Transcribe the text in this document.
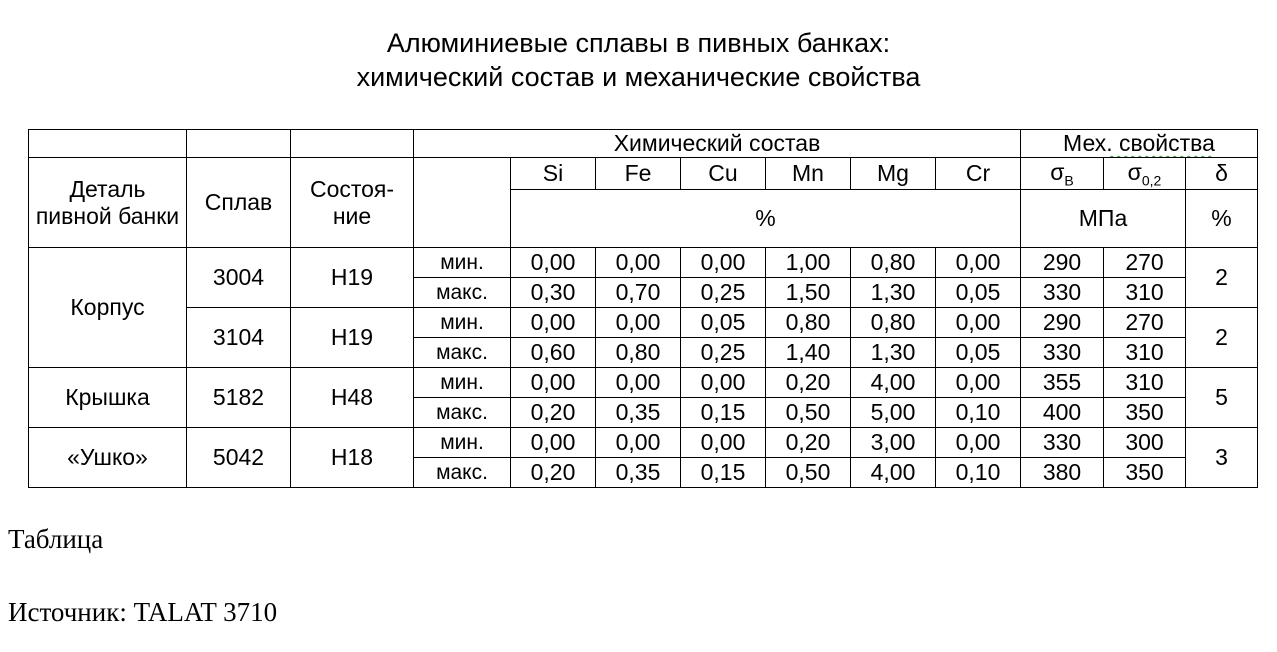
Алюминиевые сплавы в пивных банках:
химический состав и механические свойства
			Химический состав							Мех. свойства		
Деталь пивной банки	Сплав	Состоя-ние		Si	Fe	Cu	Mn	Mg	Cr	$\sigma_В$	$\sigma_{0,2}$	δ
				%						МПа		%
Корпус	3004	H19	мин.	0,00	0,00	0,00	1,00	0,80	0,00	290	270	2
			макс.	0,30	0,70	0,25	1,50	1,30	0,05	330	310	
	3104	H19	мин.	0,00	0,00	0,05	0,80	0,80	0,00	290	270	2
			макс.	0,60	0,80	0,25	1,40	1,30	0,05	330	310	
Крышка	5182	H48	мин.	0,00	0,00	0,00	0,20	4,00	0,00	355	310	5
			макс.	0,20	0,35	0,15	0,50	5,00	0,10	400	350	
«Ушко»	5042	H18	мин.	0,00	0,00	0,00	0,20	3,00	0,00	330	300	3
			макс.	0,20	0,35	0,15	0,50	4,00	0,10	380	350	
Таблица
Источник: TALAT 3710
